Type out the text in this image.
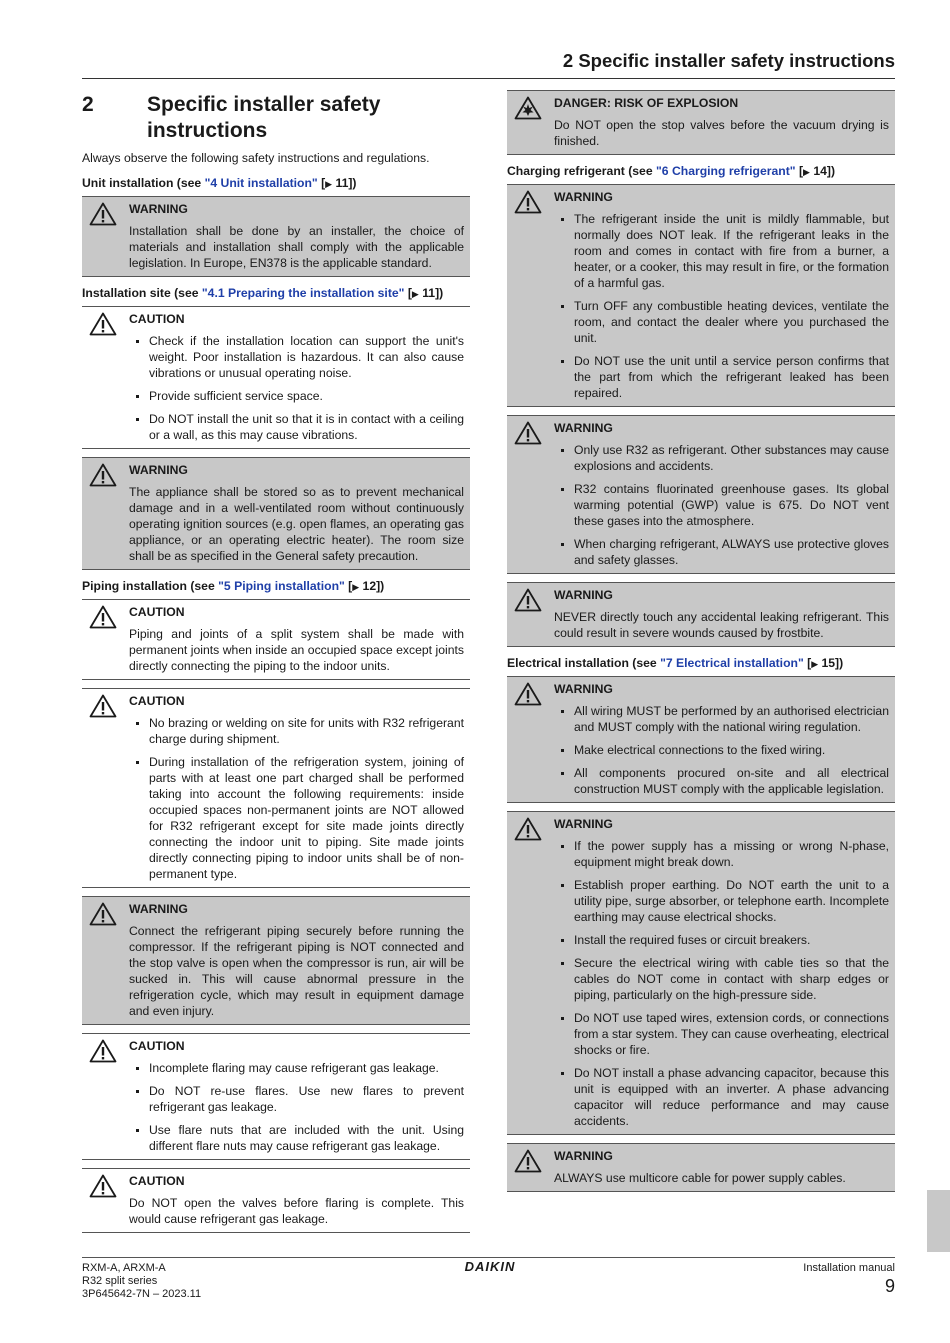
2 Specific installer safety instructions
2	Specific installer safety instructions

Always observe the following safety instructions and regulations.

Unit installation (see "4 Unit installation" [▶ 11])
WARNING
Installation shall be done by an installer, the choice of materials and installation shall comply with the applicable legislation. In Europe, EN378 is the applicable standard.
Installation site (see "4.1 Preparing the installation site" [▶ 11])
CAUTION
Check if the installation location can support the unit's weight. Poor installation is hazardous. It can also cause vibrations or unusual operating noise.
Provide sufficient service space.
Do NOT install the unit so that it is in contact with a ceiling or a wall, as this may cause vibrations.
WARNING
The appliance shall be stored so as to prevent mechanical damage and in a well-ventilated room without continuously operating ignition sources (e.g. open flames, an operating gas appliance, or an operating electric heater). The room size shall be as specified in the General safety precaution.
Piping installation (see "5 Piping installation" [▶ 12])
CAUTION
Piping and joints of a split system shall be made with permanent joints when inside an occupied space except joints directly connecting the piping to the indoor units.
CAUTION
No brazing or welding on site for units with R32 refrigerant charge during shipment.
During installation of the refrigeration system, joining of parts with at least one part charged shall be performed taking into account the following requirements: inside occupied spaces non-permanent joints are NOT allowed for R32 refrigerant except for site made joints directly connecting the indoor unit to piping. Site made joints directly connecting piping to indoor units shall be of non-permanent type.
WARNING
Connect the refrigerant piping securely before running the compressor. If the refrigerant piping is NOT connected and the stop valve is open when the compressor is run, air will be sucked in. This will cause abnormal pressure in the refrigeration cycle, which may result in equipment damage and even injury.
CAUTION
Incomplete flaring may cause refrigerant gas leakage.
Do NOT re-use flares. Use new flares to prevent refrigerant gas leakage.
Use flare nuts that are included with the unit. Using different flare nuts may cause refrigerant gas leakage.
CAUTION
Do NOT open the valves before flaring is complete. This would cause refrigerant gas leakage.
DANGER: RISK OF EXPLOSION
Do NOT open the stop valves before the vacuum drying is finished.
Charging refrigerant (see "6 Charging refrigerant" [▶ 14])
WARNING
The refrigerant inside the unit is mildly flammable, but normally does NOT leak. If the refrigerant leaks in the room and comes in contact with fire from a burner, a heater, or a cooker, this may result in fire, or the formation of a harmful gas.
Turn OFF any combustible heating devices, ventilate the room, and contact the dealer where you purchased the unit.
Do NOT use the unit until a service person confirms that the part from which the refrigerant leaked has been repaired.
WARNING
Only use R32 as refrigerant. Other substances may cause explosions and accidents.
R32 contains fluorinated greenhouse gases. Its global warming potential (GWP) value is 675. Do NOT vent these gases into the atmosphere.
When charging refrigerant, ALWAYS use protective gloves and safety glasses.
WARNING
NEVER directly touch any accidental leaking refrigerant. This could result in severe wounds caused by frostbite.
Electrical installation (see "7 Electrical installation" [▶ 15])
WARNING
All wiring MUST be performed by an authorised electrician and MUST comply with the national wiring regulation.
Make electrical connections to the fixed wiring.
All components procured on-site and all electrical construction MUST comply with the applicable legislation.
WARNING
If the power supply has a missing or wrong N-phase, equipment might break down.
Establish proper earthing. Do NOT earth the unit to a utility pipe, surge absorber, or telephone earth. Incomplete earthing may cause electrical shocks.
Install the required fuses or circuit breakers.
Secure the electrical wiring with cable ties so that the cables do NOT come in contact with sharp edges or piping, particularly on the high-pressure side.
Do NOT use taped wires, extension cords, or connections from a star system. They can cause overheating, electrical shocks or fire.
Do NOT install a phase advancing capacitor, because this unit is equipped with an inverter. A phase advancing capacitor will reduce performance and may cause accidents.
WARNING
ALWAYS use multicore cable for power supply cables.
RXM-A, ARXM-A
R32 split series
3P645642-7N – 2023.11
DAIKIN	Installation manual
9
